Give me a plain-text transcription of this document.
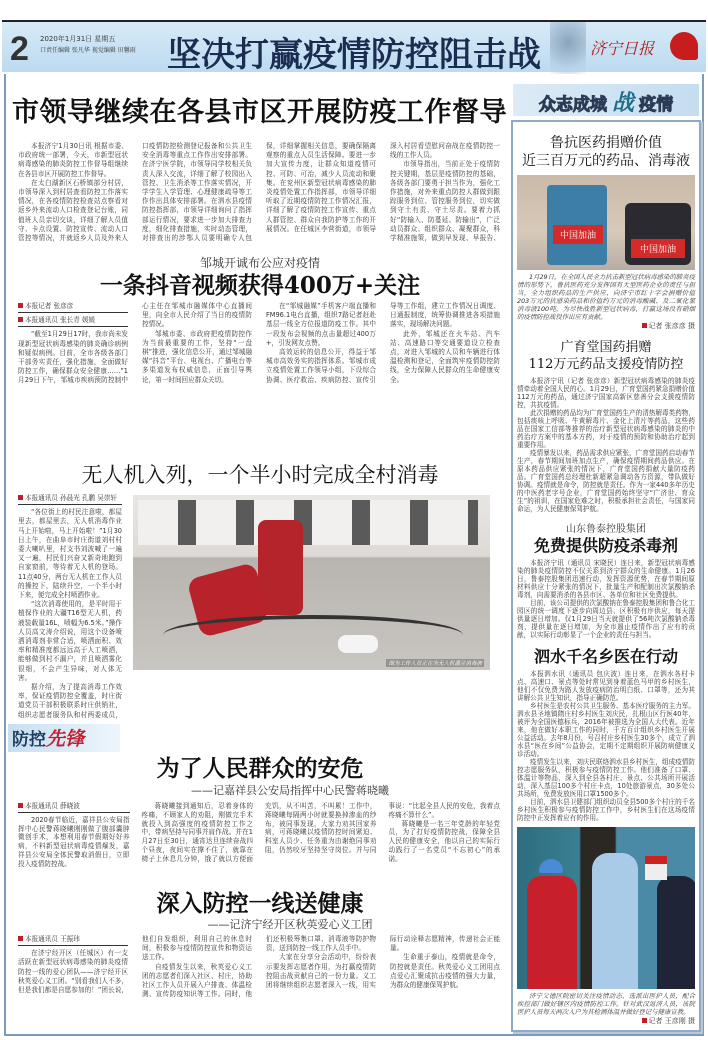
2 2020年1月31日 星期五
口责任编辑 张凡华 视觉编辑 田馨雨 坚决打赢疫情防控阻击战	济宁日报
市领导继续在各县市区开展防疫工作督导

本报济宁1月30日讯 根据市委、市政府统一部署，今天，市新型冠状病毒感染的肺炎防控工作督导组继续在各县市区开展防控工作督导。

在太白湖新区石桥镇部分村居，市领导深入到村居查看防控工作落实情况，在各疫情防控检查站点察看对返乡外来流动人口检查登记台账，同值班人员亲切交谈，详细了解人员值守、卡点设置、防控宣传、流动人口管控等情况，并就返乡人员及外来人口疫情防控检测登记报备和公共卫生安全消毒等重点工作作出安排部署。在济宁医学院，市领导同学校相关负责人深入交流，详细了解了校园出入管控、卫生消杀等工作落实情况，开学学生入学管理、心理健康疏导等工作作出具体安排部署。在泗水县疫情防控指挥部，市领导详细询问了指挥部运行情况，要求进一步加大排查力度，细化排查措施，实时动态管理，对排查出的涉鄂人员要明确专人包保，详细掌握相关信息，要确保隔离观察的重点人员生活保障。要进一步加大宣传力度，让群众知道疫情可控、可防、可治，减少人员流动和聚集。在兖州区新型冠状病毒感染的肺炎疫情处置工作指挥部，市领导详细听取了近期疫情防控工作情况汇报，详细了解了疫情防控工作宣传、重点人群管控、群众自我防护等工作的开展情况。在任城区李营街道，市领导深入村居看望慰问奋战在疫情防控一线的工作人员。

市领导指出，当前正处于疫情防控关键期，基层是疫情防控的基础，各级各部门要勇于担当作为，强化工作措施，对外来重点防控人群做到跟踪服务到位、管控服务到位，切实做到守土有责、守土尽责。要着力抓好“防输入、防蔓延、防输出”，广泛动员群众、组织群众、凝聚群众，科学精准施策，做到早发现、早报告、

邹城开诚布公应对疫情
一条抖音视频获得400万+关注
本报记者 张彦彦
本报通讯员 张长青 媛媛

“截至1月29日17时，我市尚未发现新型冠状病毒感染的肺炎确诊病例和疑似病例。目前，全市各级各部门干部务实责任，强化措施，全面做好防控工作，确保群众安全健康……”1月29日下午，邹城市疾病预防控制中心主任在邹城市融媒体中心直播间里，向全市人民介绍了当日的疫情防控情况。

邹城市委、市政府把疫情防控作为当前最重要的工作，坚持“一盘棋”推进，强化信息公开，通过邹城融媒“抖音”平台、电视台、广播电台等多渠道发布权威信息，正面引导舆论，第一时间回应群众关切。

在“邹城融媒”手机客户端直播和FM96.1电台直播，组织7路记者赶赴基层一线全方位报道防疫工作。其中一段发布会视频的点击量超过400万+，引发网友点赞。

高效运转的信息公开，得益于邹城市高效务实的指挥体系。邹城市成立疫情处置工作领导小组，下设综合协调、医疗救治、疾病防控、宣传引导等工作组，建立工作情况日调度、日通报制度，统筹协调推进各项措施落实，现场解决问题。

此外，邹城还在火车站、汽车站、高速路口等交通要道设立检查点，对进入邹城的人员和车辆进行体温检测和登记，全面筑牢疫情防控防线，全力保障人民群众的生命健康安全。

无人机入列，一个半小时完成全村消毒
本报通讯员 孙晨光 孔鹏 吴崇轩

“各位街上的村民注意啦，都屋里去，都屋里去，无人机消毒作业马上开始啦，马上开始啦！”1月30日上午，在曲阜市时庄街道刘村村委大喇叭里，村支书刘波喊了一遍又一遍，村民们兴奋又新奇地跑到自家窗前，等待着无人机的登场。11点40分，两台无人机在工作人员的操控下，陆续升空，一个半小时下来，便完成全村喷洒作业。

“这次消毒使用的，是平时用于植保作业的大疆T16型无人机，药液装载量16L，喷幅为6.5米。”操作人员高文涛介绍说，用这个设备喷洒消毒剂非常合适，喷洒面积、效率和精准度都远远高于人工喷洒，能够做到村不漏户，并且喷洒雾化很细，不会产生异味，对人体无害。

据介绍，为了提高消毒工作效率，保证疫情防控全覆盖，时庄街道党员干部积极联系时庄供销社，组织志愿者服务队和村两委成员，

图为工作人员正在为无人机灌注消毒液
防控先锋
为了人民群众的安危
——记嘉祥县公安局指挥中心民警蒋晓曦
本报通讯员 薛晓波

2020春节临近，嘉祥县公安局指挥中心民警蒋晓曦刚刚做了腹部囊肿微创手术，本想利用春节假期好好养病，不料新型冠状病毒疫情爆发，嘉祥县公安局全体民警取消假日，立即投入疫情防控战。

蒋晓曦接到通知后，忍着身体的疼痛，不顾家人的劝阻，刚做完手术就投入到高强度的疫情防控工作之中，带病坚持与同事并肩作战。并在1月27日至30日，通宵达旦连续奋战四个昼夜，夜间实在撑不住了，就靠在椅子上休息几分钟，饿了就以方便面充饥，从不叫苦，不叫累！工作中，蒋晓曦每隔两小时就要换掉渗血的纱布，被同事发现，大家力劝其回家养病，可蒋晓曦以疫情防控时间紧迫、科室人员少、任务重为由谢绝同事劝阻，仍然咬牙坚持坚守岗位。并与同事说：“比起全县人民的安危，我着点疼痛不算什么”。

蒋晓曦是一名三年党龄的年轻党员，为了打好疫情防控战，保障全县人民的健康安全，他以自己的实际行动践行了一名党员“不忘初心”的承诺。

深入防控一线送健康
——记济宁经开区秋英爱心义工团
本报通讯员 王振玮

在济宁经开区（任城区）有一支活跃在新型冠状病毒感染的肺炎疫情防控一线的爱心团队——济宁经开区秋英爱心义工团。“别看我们人不多，但是我们都是自愿参加的！”团长说，他们自发组织，利用自己的休息时间，积极参与疫情防控宣传和物资运送工作。

自疫情发生以来，秋英爱心义工团的志愿者们深入社区、村庄，协助社区工作人员开展入户排查、体温检测、宣传防疫知识等工作。同时，他们还积极筹集口罩、消毒液等防护物资，送到防控一线工作人员手中。

大家在分享分会活动中，纷纷表示要发挥志愿者作用，为打赢疫情防控阻击战贡献自己的一份力量。义工团将继续组织志愿者深入一线，用实际行动诠释志愿精神，传递社会正能量。

生命重于泰山，疫情就是命令，防控就是责任。秋英爱心义工团用点点爱心汇聚成抗击疫情的强大力量，为群众的健康保驾护航。

众志成城 战 疫情
鲁抗医药捐赠价值
近三百万元的药品、消毒液
中国加油
中国加油
1月29日，在全国人民全力抗击新型冠状病毒感染的肺炎疫情的形势下，鲁抗医药充分发挥国有大型医药企业的责任与担当，全力组织药品的生产供应，向济宁市红十字会捐赠价值203万元的抗感染药品和价值约万元的消毒酸碱、及二氧化氯消毒液100吨，为尽快战胜新型冠状病毒，打赢这场没有硝烟的疫情防控战役作出应有贡献。
记者 张彦彦 摄
广育堂国药捐赠
112万元药品支援疫情防控

本报济宁讯（记者 张彦彦）新型冠状病毒感染的肺炎疫情牵动着全国人民的心。1月29日，广育堂国药紧急捐赠价值112万元的药品，通过济宁国家高新区慈善分会支援疫情防控，共抗疫情。

此次捐赠的药品均为广育堂国药生产的清热解毒类药物，包括痰咳上呼吸、牛黄解毒片、金化上清片等药品，这些药品在国家工信部等推荐的治疗新型冠状病毒感染的肺炎的中药治疗方案中的基本方药，对于疫情的预防和协助治疗起到重要作用。

疫情暴发以来，药品需求供应紧张，广育堂国药启动春节生产，春节期间加班加点生产，确保疫情期间药品供应。在原本药品供应紧张的情况下，广育堂国药捐献大量防疫药品。广育堂国药总经理杜新超紧急调动各方资源，带队做好协调。疫情就是命令，防控就是责任。作为一家440多年历史的中医药老字号企业，广育堂国药始终坚守“广济世、育众生”的祖训，在国家危难之时，积极承担社会责任，与国家同命运，为人民健康保驾护航。

山东鲁泰控股集团
免费提供防疫杀毒剂

本报济宁讯（通讯员 宋晓民）连日来，新型冠状病毒感染的肺炎疫情防控不仅关系到济宁群众的生命健康。1月26日，鲁泰控股集团迅速行动，发挥资源优势，在春节期间原材料供应十分紧张的情况下，批量生产和配制出次氯酸钠杀毒剂，向需要消杀的各县市区、各单位和社区免费提供。

目前，该公司提供的次氯酸钠在鲁泰控股集团和鲁合化工园区的统一调度下逐步向周边县、区积极有序供应，每天提供量逐日增加。仅1月29日当天就提供了56吨次氯酸钠杀毒剂，提供量在逐日增加，为全市遏止疫情作出了应有的贡献，以实际行动彰显了一个企业的责任与担当。

泗水千名乡医在行动

本报泗水讯（通讯员 包庆波）连日来，在泗水各村卡点、高速口、景点等处时常见到身着蓝色马甲的乡村医生，他们不仅免费为路人发放疫病防治明白纸、口罩等，还为其讲解公共卫生知识，指导正确防范。

乡村医生是农村公共卫生服务、基本医疗服务的主力军。泗水县圣地镇隋庄村乡村医生刘庆民，扎根山区行医40年，被评为全国医德标兵，2016年被推选为全国人大代表。近年来，他在做好本职工作的同时，千方百计组织乡村医生开展公益活动。去年8月份，号召村庄乡村医生30多个，成立了泗水县“医在乡间”公益协会，定期不定期组织开展防病健康义诊活动。

疫情发生以来，刘庆民联络泗水县乡村医生，组成疫情防控志愿服务队，积极参与疫情防控工作。他们准备了口罩、体温计等物品，深入到全县各村庄、景点、公共场所开展活动，深入基层100多个村庄卡点，10处旅游景点，30多处公共场所，免费发放医用口罩1500多个。

目前，泗水县卫健部门组织动员全县500多个村庄的千名乡村医生积极参与疫情防控工作中，乡村医生们在这场疫情防控中正发挥着应有的作用。

济宁父德区院密切关注疫情动态，选派出医护人员，配合疾控部门做好辖区内疫情防控工作。针对武汉返济人员，该院医护人员每天两次入户为其检测体温并做好登记与健康宣教。
记者 王彦刚 摄
